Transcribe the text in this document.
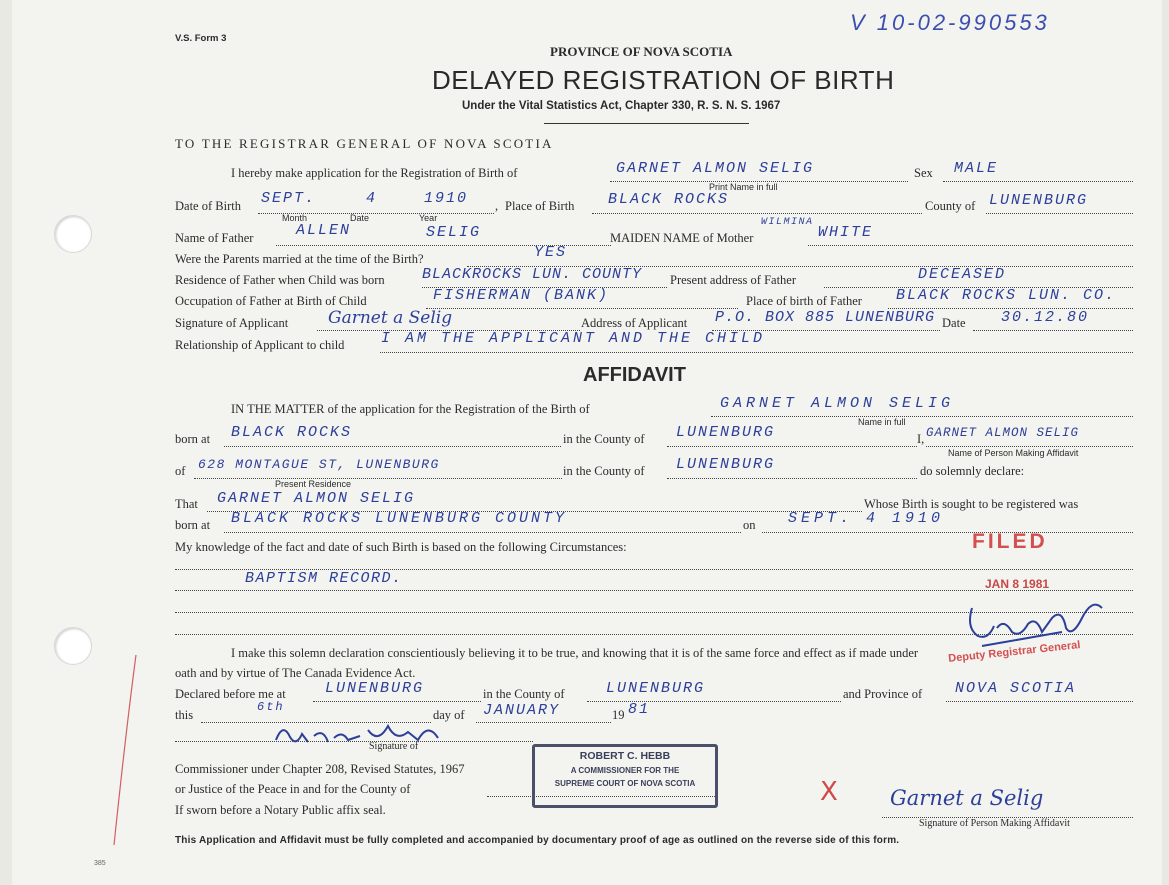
V.S. Form 3
V 10-02-990553
PROVINCE OF NOVA SCOTIA
DELAYED REGISTRATION OF BIRTH
Under the Vital Statistics Act, Chapter 330, R. S. N. S. 1967
TO THE REGISTRAR GENERAL OF NOVA SCOTIA
I hereby make application for the Registration of Birth of	GARNET ALMON SELIG	Sex MALE
Print Name in full
Date of Birth SEPT.	4	1910 , Place of Birth BLACK ROCKS	County of LUNENBURG
Month	Date	Year
Name of Father	ALLEN	SELIG	MAIDEN NAME of Mother
WILMINA
WHITE
Were the Parents married at the time of the Birth?	YES
Residence of Father when Child was born BLACKROCKS LUN. COUNTY Present address of Father	DECEASED
Occupation of Father at Birth of Child	FISHERMAN (BANK)	Place of birth of Father BLACK ROCKS LUN. CO.
Signature of Applicant Garnet a Selig	Address of Applicant P.O. BOX 885 LUNENBURG Date 30.12.80
Relationship of Applicant to child I AM THE APPLICANT AND THE CHILD
AFFIDAVIT
IN THE MATTER of the application for the Registration of the Birth of	GARNET ALMON SELIG
Name in full
born at BLACK ROCKS	in the County of LUNENBURG	I, GARNET ALMON SELIG
Name of Person Making Affidavit
of 628 MONTAGUE ST, LUNENBURG
Present Residence
in the County of LUNENBURG	do solemnly declare:
That GARNET ALMON SELIG	Whose Birth is sought to be registered was
born at BLACK ROCKS LUNENBURG COUNTY	on SEPT. 4 1910
My knowledge of the fact and date of such Birth is based on the following Circumstances:
BAPTISM RECORD.
I make this solemn declaration conscientiously believing it to be true, and knowing that it is of the same force and effect as if made under
oath and by virtue of The Canada Evidence Act.
Declared before me at	LUNENBURG	in the County of	LUNENBURG	and Province of NOVA SCOTIA
this
6th
day of JANUARY	19 81
Signature of
Commissioner under Chapter 208, Revised Statutes, 1967
or Justice of the Peace in and for the County of
If sworn before a Notary Public affix seal.
ROBERT C. HEBB
A COMMISSIONER FOR THE
SUPREME COURT OF NOVA SCOTIA
FILED
JAN 8 1981
Deputy Registrar General
X Garnet a Selig
Signature of Person Making Affidavit
This Application and Affidavit must be fully completed and accompanied by documentary proof of age as outlined on the reverse side of this form.
385
